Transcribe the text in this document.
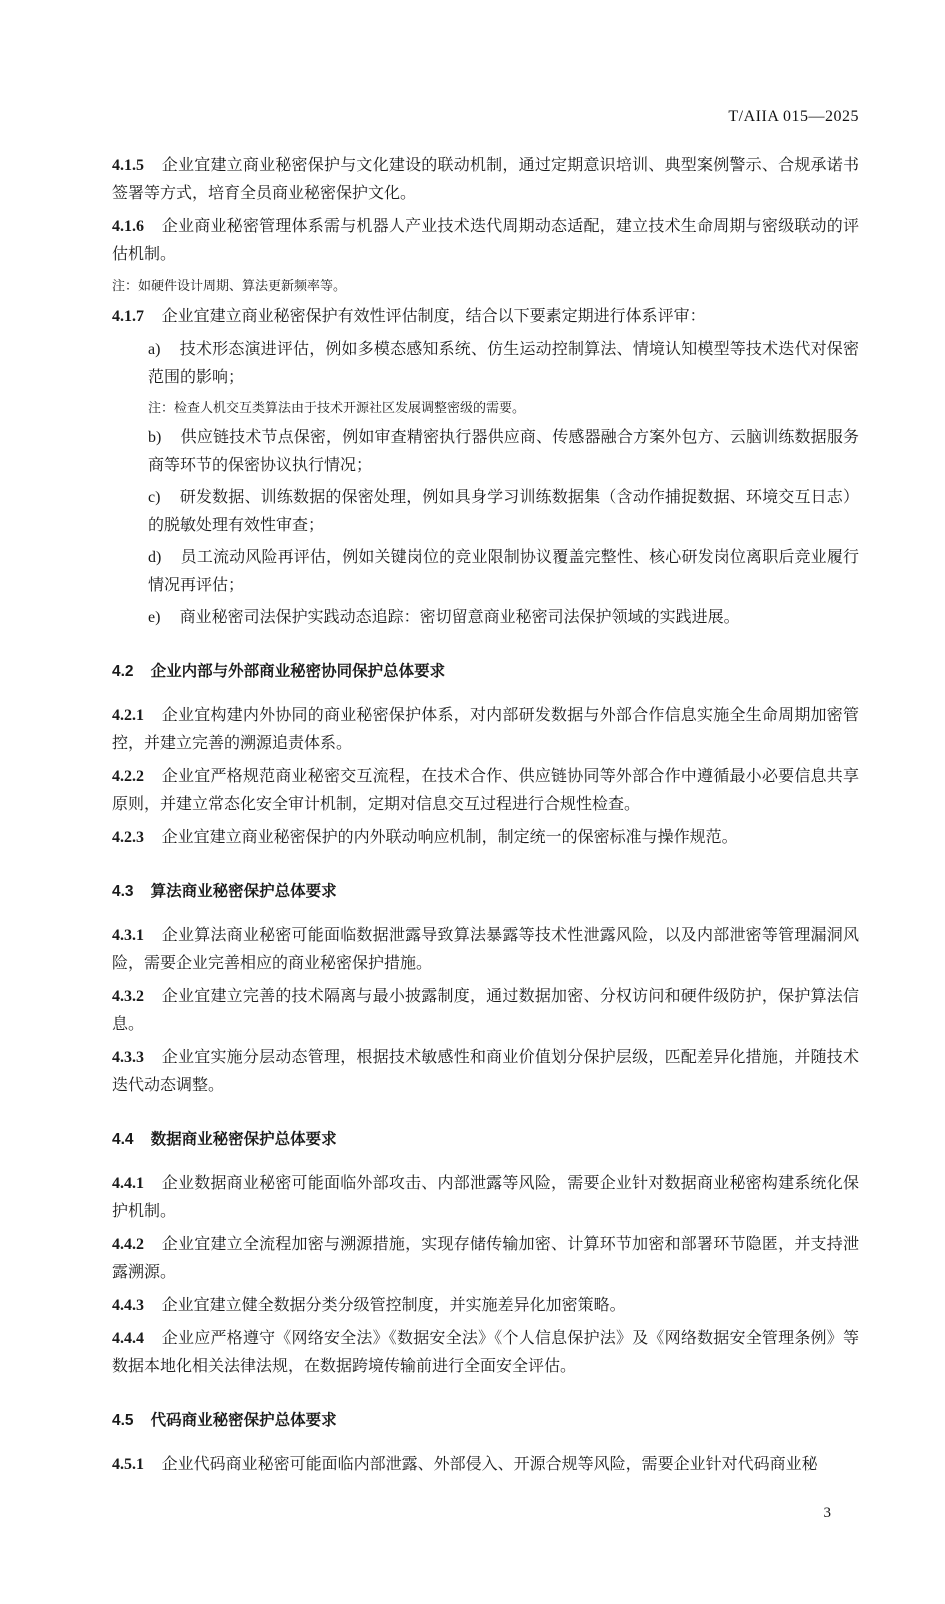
T/AIIA 015—2025

4.1.5 企业宜建立商业秘密保护与文化建设的联动机制，通过定期意识培训、典型案例警示、合规承诺书签署等方式，培育全员商业秘密保护文化。

4.1.6 企业商业秘密管理体系需与机器人产业技术迭代周期动态适配，建立技术生命周期与密级联动的评估机制。

注：如硬件设计周期、算法更新频率等。

4.1.7 企业宜建立商业秘密保护有效性评估制度，结合以下要素定期进行体系评审：

a) 技术形态演进评估，例如多模态感知系统、仿生运动控制算法、情境认知模型等技术迭代对保密范围的影响；

注：检查人机交互类算法由于技术开源社区发展调整密级的需要。

b) 供应链技术节点保密，例如审查精密执行器供应商、传感器融合方案外包方、云脑训练数据服务商等环节的保密协议执行情况；

c) 研发数据、训练数据的保密处理，例如具身学习训练数据集（含动作捕捉数据、环境交互日志）的脱敏处理有效性审查；

d) 员工流动风险再评估，例如关键岗位的竞业限制协议覆盖完整性、核心研发岗位离职后竞业履行情况再评估；

e) 商业秘密司法保护实践动态追踪：密切留意商业秘密司法保护领域的实践进展。

4.2 企业内部与外部商业秘密协同保护总体要求

4.2.1 企业宜构建内外协同的商业秘密保护体系，对内部研发数据与外部合作信息实施全生命周期加密管控，并建立完善的溯源追责体系。

4.2.2 企业宜严格规范商业秘密交互流程，在技术合作、供应链协同等外部合作中遵循最小必要信息共享原则，并建立常态化安全审计机制，定期对信息交互过程进行合规性检查。

4.2.3 企业宜建立商业秘密保护的内外联动响应机制，制定统一的保密标准与操作规范。

4.3 算法商业秘密保护总体要求

4.3.1 企业算法商业秘密可能面临数据泄露导致算法暴露等技术性泄露风险，以及内部泄密等管理漏洞风险，需要企业完善相应的商业秘密保护措施。

4.3.2 企业宜建立完善的技术隔离与最小披露制度，通过数据加密、分权访问和硬件级防护，保护算法信息。

4.3.3 企业宜实施分层动态管理，根据技术敏感性和商业价值划分保护层级，匹配差异化措施，并随技术迭代动态调整。

4.4 数据商业秘密保护总体要求

4.4.1 企业数据商业秘密可能面临外部攻击、内部泄露等风险，需要企业针对数据商业秘密构建系统化保护机制。

4.4.2 企业宜建立全流程加密与溯源措施，实现存储传输加密、计算环节加密和部署环节隐匿，并支持泄露溯源。

4.4.3 企业宜建立健全数据分类分级管控制度，并实施差异化加密策略。

4.4.4 企业应严格遵守《网络安全法》《数据安全法》《个人信息保护法》及《网络数据安全管理条例》等数据本地化相关法律法规，在数据跨境传输前进行全面安全评估。

4.5 代码商业秘密保护总体要求

4.5.1 企业代码商业秘密可能面临内部泄露、外部侵入、开源合规等风险，需要企业针对代码商业秘

3
